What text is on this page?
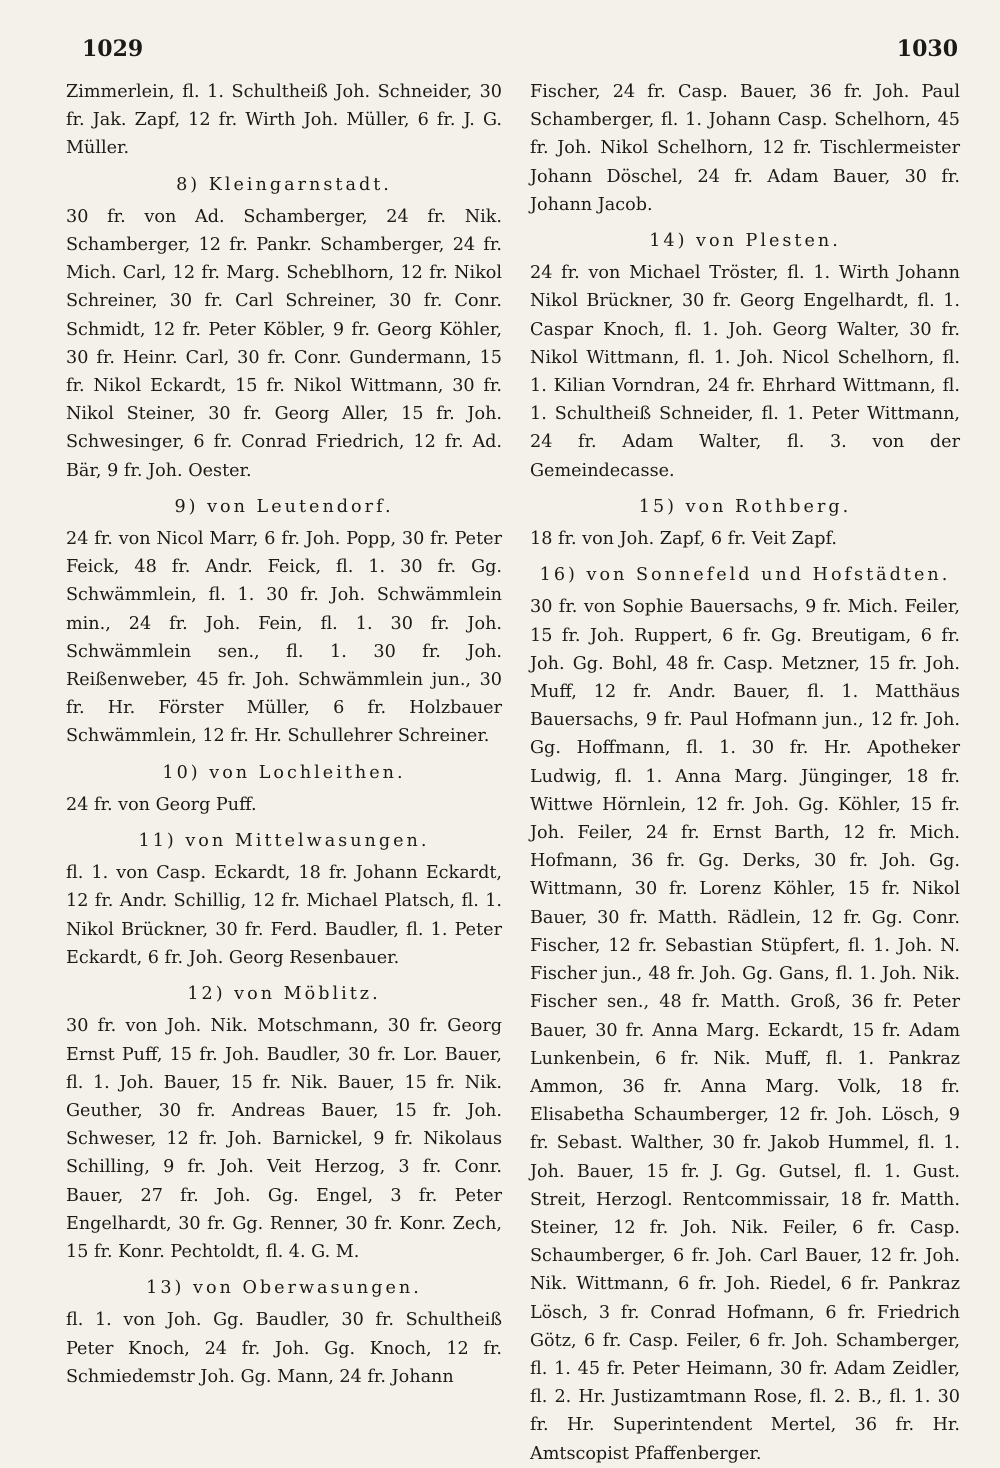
1029	1030

Zimmerlein, fl. 1. Schultheiß Joh. Schneider, 30 fr. Jak. Zapf, 12 fr. Wirth Joh. Müller, 6 fr. J. G. Müller.

8) Kleingarnstadt.

30 fr. von Ad. Schamberger, 24 fr. Nik. Schamberger, 12 fr. Pankr. Schamberger, 24 fr. Mich. Carl, 12 fr. Marg. Scheblhorn, 12 fr. Nikol Schreiner, 30 fr. Carl Schreiner, 30 fr. Conr. Schmidt, 12 fr. Peter Köbler, 9 fr. Georg Köhler, 30 fr. Heinr. Carl, 30 fr. Conr. Gundermann, 15 fr. Nikol Eckardt, 15 fr. Nikol Wittmann, 30 fr. Nikol Steiner, 30 fr. Georg Aller, 15 fr. Joh. Schwesinger, 6 fr. Conrad Friedrich, 12 fr. Ad. Bär, 9 fr. Joh. Oester.

9) von Leutendorf.

24 fr. von Nicol Marr, 6 fr. Joh. Popp, 30 fr. Peter Feick, 48 fr. Andr. Feick, fl. 1. 30 fr. Gg. Schwämmlein, fl. 1. 30 fr. Joh. Schwämmlein min., 24 fr. Joh. Fein, fl. 1. 30 fr. Joh. Schwämmlein sen., fl. 1. 30 fr. Joh. Reißenweber, 45 fr. Joh. Schwämmlein jun., 30 fr. Hr. Förster Müller, 6 fr. Holzbauer Schwämmlein, 12 fr. Hr. Schullehrer Schreiner.

10) von Lochleithen.

24 fr. von Georg Puff.

11) von Mittelwasungen.

fl. 1. von Casp. Eckardt, 18 fr. Johann Eckardt, 12 fr. Andr. Schillig, 12 fr. Michael Platsch, fl. 1. Nikol Brückner, 30 fr. Ferd. Baudler, fl. 1. Peter Eckardt, 6 fr. Joh. Georg Resenbauer.

12) von Möblitz.

30 fr. von Joh. Nik. Motschmann, 30 fr. Georg Ernst Puff, 15 fr. Joh. Baudler, 30 fr. Lor. Bauer, fl. 1. Joh. Bauer, 15 fr. Nik. Bauer, 15 fr. Nik. Geuther, 30 fr. Andreas Bauer, 15 fr. Joh. Schweser, 12 fr. Joh. Barnickel, 9 fr. Nikolaus Schilling, 9 fr. Joh. Veit Herzog, 3 fr. Conr. Bauer, 27 fr. Joh. Gg. Engel, 3 fr. Peter Engelhardt, 30 fr. Gg. Renner, 30 fr. Konr. Zech, 15 fr. Konr. Pechtoldt, fl. 4. G. M.

13) von Oberwasungen.

fl. 1. von Joh. Gg. Baudler, 30 fr. Schultheiß Peter Knoch, 24 fr. Joh. Gg. Knoch, 12 fr. Schmiedemstr Joh. Gg. Mann, 24 fr. Johann

Fischer, 24 fr. Casp. Bauer, 36 fr. Joh. Paul Schamberger, fl. 1. Johann Casp. Schelhorn, 45 fr. Joh. Nikol Schelhorn, 12 fr. Tischlermeister Johann Döschel, 24 fr. Adam Bauer, 30 fr. Johann Jacob.

14) von Plesten.

24 fr. von Michael Tröster, fl. 1. Wirth Johann Nikol Brückner, 30 fr. Georg Engelhardt, fl. 1. Caspar Knoch, fl. 1. Joh. Georg Walter, 30 fr. Nikol Wittmann, fl. 1. Joh. Nicol Schelhorn, fl. 1. Kilian Vorndran, 24 fr. Ehrhard Wittmann, fl. 1. Schultheiß Schneider, fl. 1. Peter Wittmann, 24 fr. Adam Walter, fl. 3. von der Gemeindecasse.

15) von Rothberg.

18 fr. von Joh. Zapf, 6 fr. Veit Zapf.

16) von Sonnefeld und Hofstädten.

30 fr. von Sophie Bauersachs, 9 fr. Mich. Feiler, 15 fr. Joh. Ruppert, 6 fr. Gg. Breutigam, 6 fr. Joh. Gg. Bohl, 48 fr. Casp. Metzner, 15 fr. Joh. Muff, 12 fr. Andr. Bauer, fl. 1. Matthäus Bauersachs, 9 fr. Paul Hofmann jun., 12 fr. Joh. Gg. Hoffmann, fl. 1. 30 fr. Hr. Apotheker Ludwig, fl. 1. Anna Marg. Jünginger, 18 fr. Wittwe Hörnlein, 12 fr. Joh. Gg. Köhler, 15 fr. Joh. Feiler, 24 fr. Ernst Barth, 12 fr. Mich. Hofmann, 36 fr. Gg. Derks, 30 fr. Joh. Gg. Wittmann, 30 fr. Lorenz Köhler, 15 fr. Nikol Bauer, 30 fr. Matth. Rädlein, 12 fr. Gg. Conr. Fischer, 12 fr. Sebastian Stüpfert, fl. 1. Joh. N. Fischer jun., 48 fr. Joh. Gg. Gans, fl. 1. Joh. Nik. Fischer sen., 48 fr. Matth. Groß, 36 fr. Peter Bauer, 30 fr. Anna Marg. Eckardt, 15 fr. Adam Lunkenbein, 6 fr. Nik. Muff, fl. 1. Pankraz Ammon, 36 fr. Anna Marg. Volk, 18 fr. Elisabetha Schaumberger, 12 fr. Joh. Lösch, 9 fr. Sebast. Walther, 30 fr. Jakob Hummel, fl. 1. Joh. Bauer, 15 fr. J. Gg. Gutsel, fl. 1. Gust. Streit, Herzogl. Rentcommissair, 18 fr. Matth. Steiner, 12 fr. Joh. Nik. Feiler, 6 fr. Casp. Schaumberger, 6 fr. Joh. Carl Bauer, 12 fr. Joh. Nik. Wittmann, 6 fr. Joh. Riedel, 6 fr. Pankraz Lösch, 3 fr. Conrad Hofmann, 6 fr. Friedrich Götz, 6 fr. Casp. Feiler, 6 fr. Joh. Schamberger, fl. 1. 45 fr. Peter Heimann, 30 fr. Adam Zeidler, fl. 2. Hr. Justizamtmann Rose, fl. 2. B., fl. 1. 30 fr. Hr. Superintendent Mertel, 36 fr. Hr. Amtscopist Pfaffenberger.
